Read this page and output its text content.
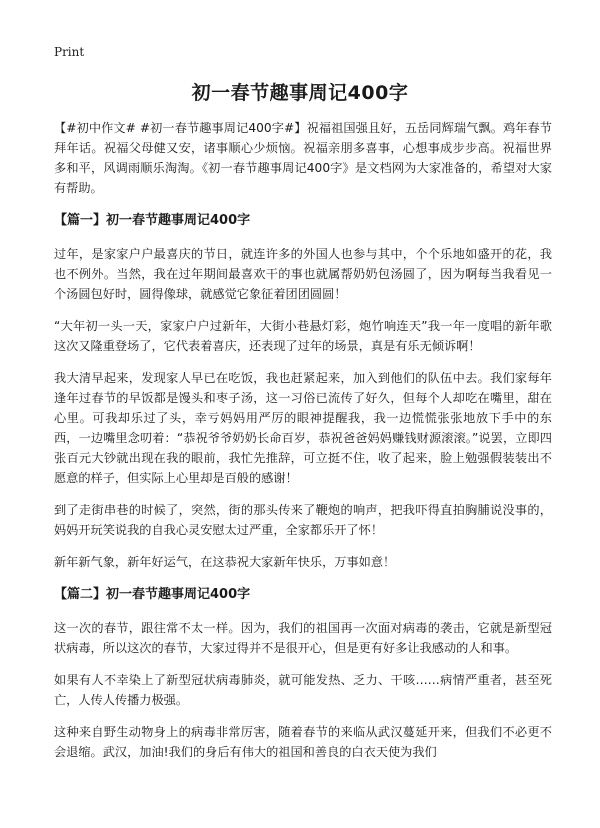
Print
初一春节趣事周记400字

【#初中作文# #初一春节趣事周记400字#】祝福祖国强且好，五岳同辉瑞气飘。鸡年春节拜年话。祝福父母健又安，诸事顺心少烦恼。祝福亲朋多喜事，心想事成步步高。祝福世界多和平，风调雨顺乐淘淘。《初一春节趣事周记400字》是文档网为大家准备的，希望对大家有帮助。

【篇一】初一春节趣事周记400字

过年，是家家户户最喜庆的节日，就连许多的外国人也参与其中，个个乐地如盛开的花，我也不例外。当然，我在过年期间最喜欢干的事也就属帮奶奶包汤圆了，因为啊每当我看见一个汤圆包好时，圆得像球，就感觉它象征着团团圆圆！

“大年初一头一天，家家户户过新年，大街小巷悬灯彩，炮竹响连天”我一年一度唱的新年歌这次又隆重登场了，它代表着喜庆，还表现了过年的场景，真是有乐无倾诉啊！

我大清早起来，发现家人早已在吃饭，我也赶紧起来，加入到他们的队伍中去。我们家每年逢年过春节的早饭都是馒头和枣子汤，这一习俗已流传了好久，但每个人却吃在嘴里，甜在心里。可我却乐过了头，幸亏妈妈用严厉的眼神提醒我，我一边慌慌张张地放下手中的东西，一边嘴里念叨着：“恭祝爷爷奶奶长命百岁，恭祝爸爸妈妈赚钱财源滚滚。”说罢，立即四张百元大钞就出现在我的眼前，我忙先推辞，可立挺不住，收了起来，脸上勉强假装装出不愿意的样子，但实际上心里却是百般的感谢！

到了走街串巷的时候了，突然，街的那头传来了鞭炮的响声，把我吓得直拍胸脯说没事的，妈妈开玩笑说我的自我心灵安慰太过严重，全家都乐开了怀！

新年新气象，新年好运气，在这恭祝大家新年快乐，万事如意！

【篇二】初一春节趣事周记400字

这一次的春节，跟往常不太一样。因为，我们的祖国再一次面对病毒的袭击，它就是新型冠状病毒，所以这次的春节，大家过得并不是很开心，但是更有好多让我感动的人和事。

如果有人不幸染上了新型冠状病毒肺炎，就可能发热、乏力、干咳……病情严重者，甚至死亡，人传人传播力极强。

这种来自野生动物身上的病毒非常厉害，随着春节的来临从武汉蔓延开来，但我们不必更不会退缩。武汉，加油!我们的身后有伟大的祖国和善良的白衣天使为我们
